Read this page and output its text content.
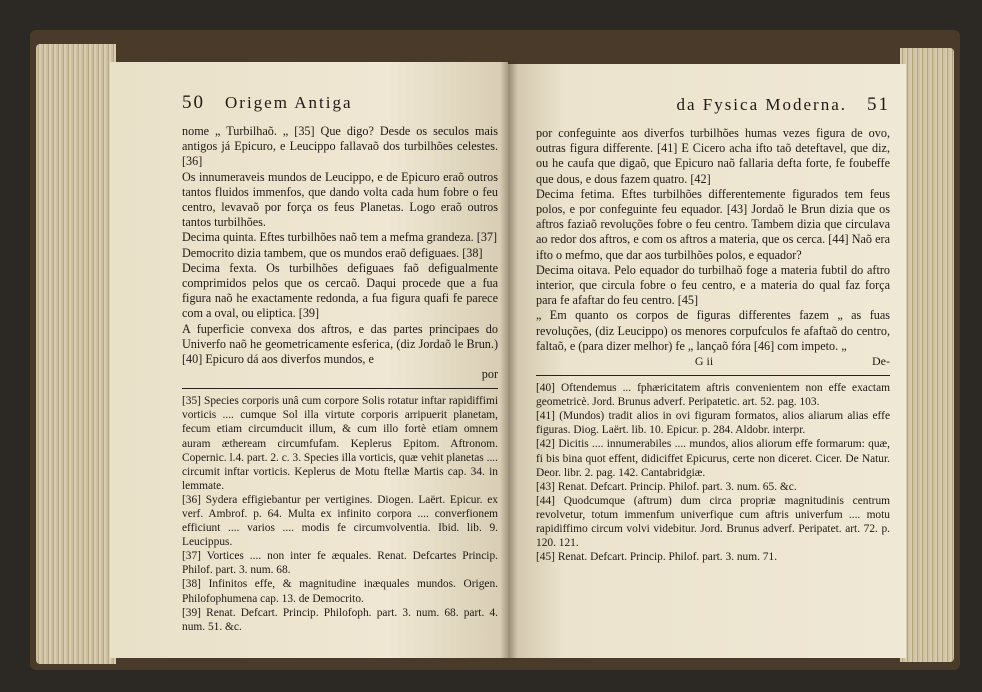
50 Origem Antiga

nome „ Turbilhaõ. „ [35] Que digo? Desde os seculos mais antigos já Epicuro, e Leucippo fallavaõ dos turbilhões celestes. [36]

Os innumeraveis mundos de Leucippo, e de Epicuro eraõ outros tantos fluidos immenfos, que dando volta cada hum fobre o feu centro, levavaõ por força os feus Planetas. Logo eraõ outros tantos turbilhões.

Decima quinta. Eftes turbilhões naõ tem a mefma grandeza. [37]

Democrito dizia tambem, que os mundos eraõ defiguaes. [38]

Decima fexta. Os turbilhões defiguaes faõ defigualmente comprimidos pelos que os cercaõ. Daqui procede que a fua figura naõ he exactamente redonda, a fua figura quafi fe parece com a oval, ou eliptica. [39]

A fuperficie convexa dos aftros, e das partes principaes do Univerfo naõ he geometricamente esferica, (diz Jordaõ le Brun.) [40] Epicuro dá aos diverfos mundos, e

por

[35] Species corporis unâ cum corpore Solis rotatur inftar rapidiffimi vorticis .... cumque Sol illa virtute corporis arripuerit planetam, fecum etiam circumducit illum, & cum illo fortè etiam omnem auram ætheream circumfufam. Keplerus Epitom. Aftronom. Copernic. l.4. part. 2. c. 3. Species illa vorticis, quæ vehit planetas .... circumit inftar vorticis. Keplerus de Motu ftellæ Martis cap. 34. in lemmate.

[36] Sydera effigiebantur per vertigines. Diogen. Laërt. Epicur. ex verf. Ambrof. p. 64. Multa ex infinito corpora .... converfionem efficiunt .... varios .... modis fe circumvolventia. Ibid. lib. 9. Leucippus.

[37] Vortices .... non inter fe æquales. Renat. Defcartes Princip. Philof. part. 3. num. 68.

[38] Infinitos effe, & magnitudine inæquales mundos. Origen. Philofophumena cap. 13. de Democrito.

[39] Renat. Defcart. Princip. Philofoph. part. 3. num. 68. part. 4. num. 51. &c.

da Fysica Moderna. 51

por confeguinte aos diverfos turbilhões humas vezes figura de ovo, outras figura differente. [41] E Cicero acha ifto taõ deteftavel, que diz, ou he caufa que digaõ, que Epicuro naõ fallaria defta forte, fe foubeffe que dous, e dous fazem quatro. [42]

Decima fetima. Eftes turbilhões differentemente figurados tem feus polos, e por confeguinte feu equador. [43] Jordaõ le Brun dizia que os aftros faziaõ revoluções fobre o feu centro. Tambem dizia que circulava ao redor dos aftros, e com os aftros a materia, que os cerca. [44] Naõ era ifto o mefmo, que dar aos turbilhões polos, e equador?

Decima oitava. Pelo equador do turbilhaõ foge a materia fubtil do aftro interior, que circula fobre o feu centro, e a materia do qual faz força para fe afaftar do feu centro. [45]

„ Em quanto os corpos de figuras differentes fazem „ as fuas revoluções, (diz Leucippo) os menores corpufculos fe afaftaõ do centro, faltaõ, e (para dizer melhor) fe „ lançaõ fóra [46] com impeto. „

G ii	De-

[40] Oftendemus ... fphæricitatem aftris convenientem non effe exactam geometricè. Jord. Brunus adverf. Peripatetic. art. 52. pag. 103.

[41] (Mundos) tradit alios in ovi figuram formatos, alios aliarum alias effe figuras. Diog. Laërt. lib. 10. Epicur. p. 284. Aldobr. interpr.

[42] Dicitis .... innumerabiles .... mundos, alios aliorum effe formarum: quæ, fi bis bina quot effent, didiciffet Epicurus, certe non diceret. Cicer. De Natur. Deor. libr. 2. pag. 142. Cantabridgiæ.

[43] Renat. Defcart. Princip. Philof. part. 3. num. 65. &c.

[44] Quodcumque (aftrum) dum circa propriæ magnitudinis centrum revolvetur, totum immenfum univerfique cum aftris univerfum .... motu rapidiffimo circum volvi videbitur. Jord. Brunus adverf. Peripatet. art. 72. p. 120. 121.

[45] Renat. Defcart. Princip. Philof. part. 3. num. 71.
